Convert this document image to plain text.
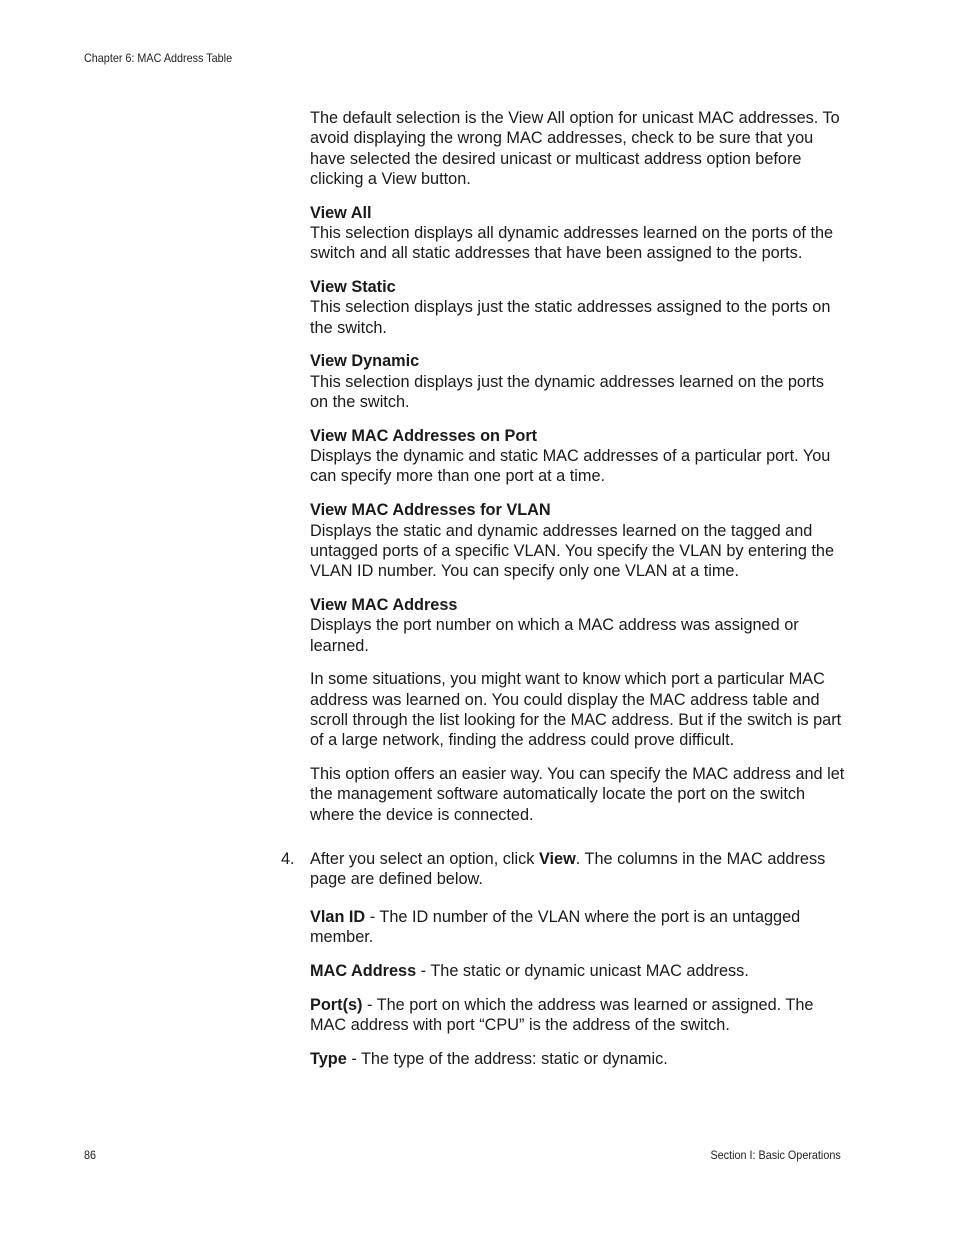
Chapter 6: MAC Address Table

The default selection is the View All option for unicast MAC addresses. To avoid displaying the wrong MAC addresses, check to be sure that you have selected the desired unicast or multicast address option before clicking a View button.

View All
This selection displays all dynamic addresses learned on the ports of the switch and all static addresses that have been assigned to the ports.
View Static
This selection displays just the static addresses assigned to the ports on the switch.
View Dynamic
This selection displays just the dynamic addresses learned on the ports on the switch.
View MAC Addresses on Port
Displays the dynamic and static MAC addresses of a particular port. You can specify more than one port at a time.
View MAC Addresses for VLAN
Displays the static and dynamic addresses learned on the tagged and untagged ports of a specific VLAN. You specify the VLAN by entering the VLAN ID number. You can specify only one VLAN at a time.
View MAC Address
Displays the port number on which a MAC address was assigned or learned.

In some situations, you might want to know which port a particular MAC address was learned on. You could display the MAC address table and scroll through the list looking for the MAC address. But if the switch is part of a large network, finding the address could prove difficult.

This option offers an easier way. You can specify the MAC address and let the management software automatically locate the port on the switch where the device is connected.

4. After you select an option, click View. The columns in the MAC address page are defined below.
Vlan ID - The ID number of the VLAN where the port is an untagged member.
MAC Address - The static or dynamic unicast MAC address.
Port(s) - The port on which the address was learned or assigned. The MAC address with port “CPU” is the address of the switch.
Type - The type of the address: static or dynamic.
86	Section I: Basic Operations
